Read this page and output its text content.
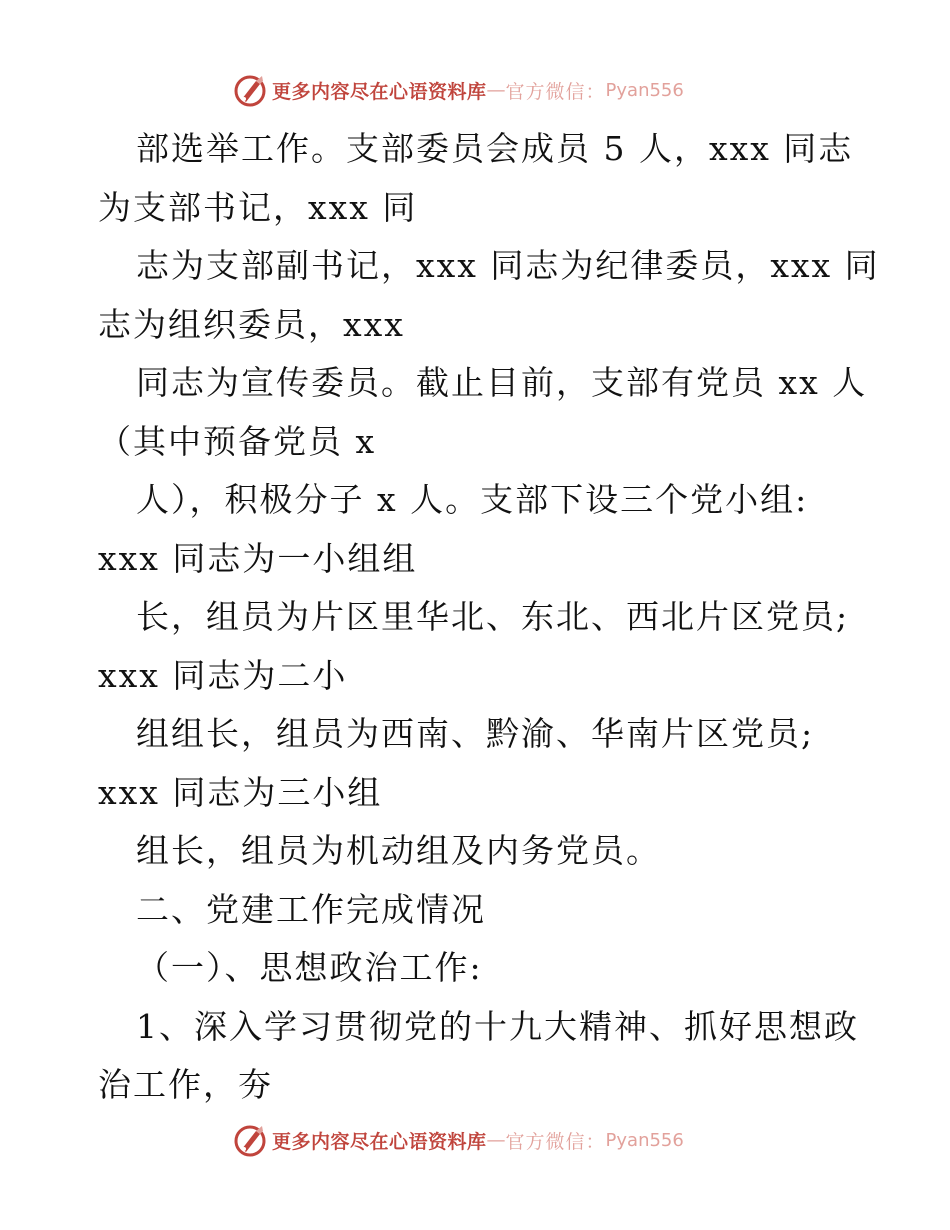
更多内容尽在心语资料库 — 官方微信： Pyan556
部选举工作。支部委员会成员 5 人，xxx 同志
为支部书记，xxx 同
志为支部副书记，xxx 同志为纪律委员，xxx 同
志为组织委员，xxx
同志为宣传委员。截止目前，支部有党员 xx 人
（其中预备党员 x
人），积极分子 x 人。支部下设三个党小组:
xxx 同志为一小组组
长，组员为片区里华北、东北、西北片区党员;
xxx 同志为二小
组组长，组员为西南、黔渝、华南片区党员;
xxx 同志为三小组
组长，组员为机动组及内务党员。
二、党建工作完成情况
（一）、思想政治工作:
1、深入学习贯彻党的十九大精神、抓好思想政
治工作，夯
更多内容尽在心语资料库 — 官方微信： Pyan556
